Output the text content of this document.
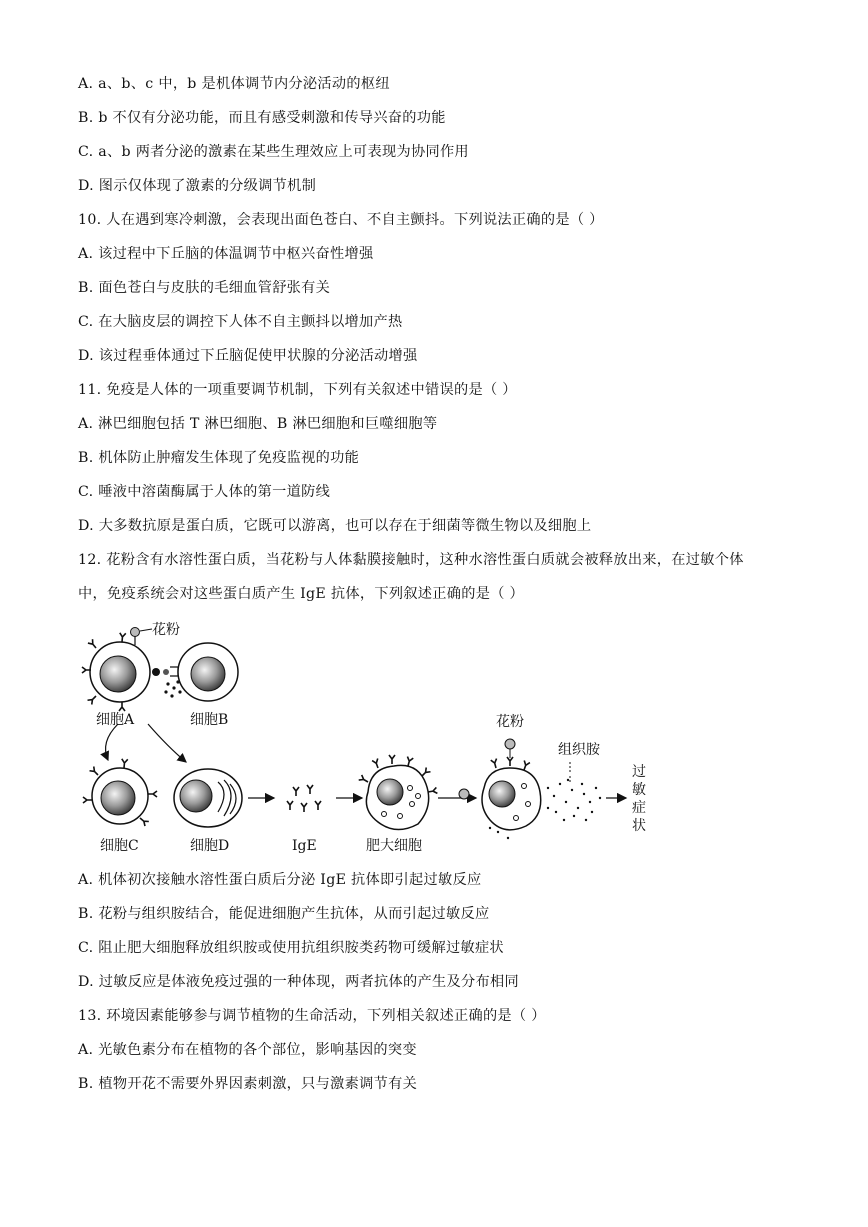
A. a、b、c 中，b 是机体调节内分泌活动的枢纽
B. b 不仅有分泌功能，而且有感受刺激和传导兴奋的功能
C. a、b 两者分泌的激素在某些生理效应上可表现为协同作用
D. 图示仅体现了激素的分级调节机制
10. 人在遇到寒冷刺激，会表现出面色苍白、不自主颤抖。下列说法正确的是（ ）
A. 该过程中下丘脑的体温调节中枢兴奋性增强
B. 面色苍白与皮肤的毛细血管舒张有关
C. 在大脑皮层的调控下人体不自主颤抖以增加产热
D. 该过程垂体通过下丘脑促使甲状腺的分泌活动增强
11. 免疫是人体的一项重要调节机制，下列有关叙述中错误的是（ ）
A. 淋巴细胞包括 T 淋巴细胞、B 淋巴细胞和巨噬细胞等
B. 机体防止肿瘤发生体现了免疫监视的功能
C. 唾液中溶菌酶属于人体的第一道防线
D. 大多数抗原是蛋白质，它既可以游离，也可以存在于细菌等微生物以及细胞上
12. 花粉含有水溶性蛋白质，当花粉与人体黏膜接触时，这种水溶性蛋白质就会被释放出来，在过敏个体
中，免疫系统会对这些蛋白质产生 IgE 抗体，下列叙述正确的是（ ）
A. 机体初次接触水溶性蛋白质后分泌 IgE 抗体即引起过敏反应
B. 花粉与组织胺结合，能促进细胞产生抗体，从而引起过敏反应
C. 阻止肥大细胞释放组织胺或使用抗组织胺类药物可缓解过敏症状
D. 过敏反应是体液免疫过强的一种体现，两者抗体的产生及分布相同
13. 环境因素能够参与调节植物的生命活动，下列相关叙述正确的是（ ）
A. 光敏色素分布在植物的各个部位，影响基因的突变
B. 植物开花不需要外界因素刺激，只与激素调节有关
花粉
细胞A	细胞B
细胞C	细胞D	IgE	肥大细胞
花粉
组织胺
过
敏
症
状
